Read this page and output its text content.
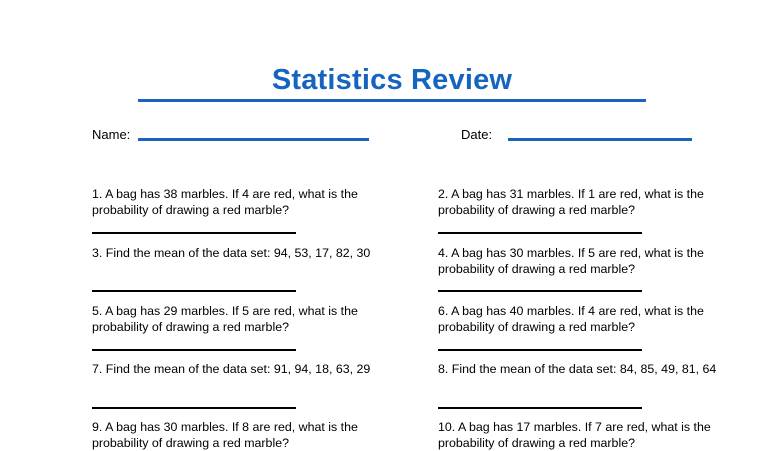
Statistics Review
Name:	Date:
1. A bag has 38 marbles. If 4 are red, what is the probability of drawing a red marble?
2. A bag has 31 marbles. If 1 are red, what is the probability of drawing a red marble?
3. Find the mean of the data set: 94, 53, 17, 82, 30	4. A bag has 30 marbles. If 5 are red, what is the probability of drawing a red marble?
5. A bag has 29 marbles. If 5 are red, what is the probability of drawing a red marble?
6. A bag has 40 marbles. If 4 are red, what is the probability of drawing a red marble?
7. Find the mean of the data set: 91, 94, 18, 63, 29	8. Find the mean of the data set: 84, 85, 49, 81, 64
9. A bag has 30 marbles. If 8 are red, what is the probability of drawing a red marble?
10. A bag has 17 marbles. If 7 are red, what is the probability of drawing a red marble?
